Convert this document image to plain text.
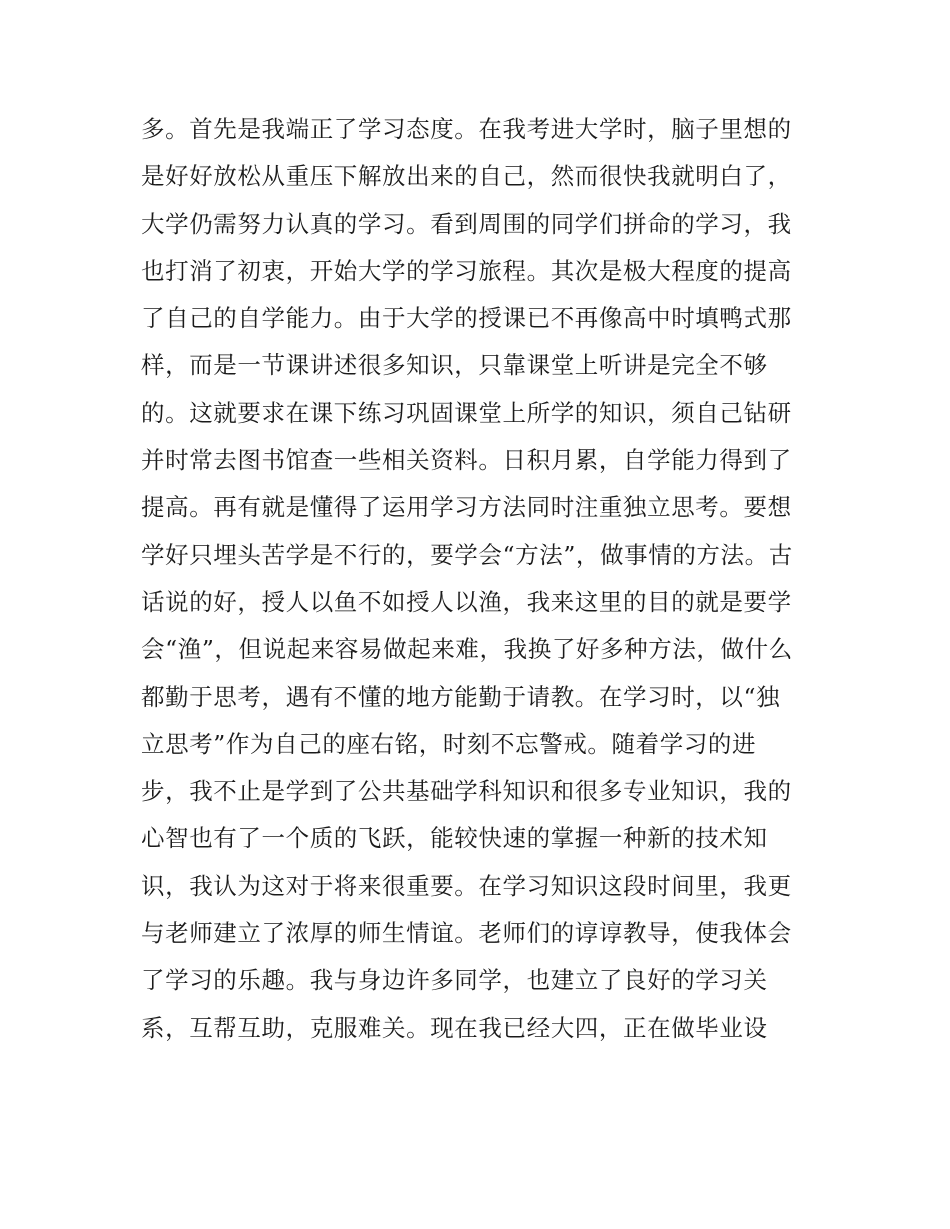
多。首先是我端正了学习态度。在我考进大学时，脑子里想的
是好好放松从重压下解放出来的自己，然而很快我就明白了，
大学仍需努力认真的学习。看到周围的同学们拼命的学习，我
也打消了初衷，开始大学的学习旅程。其次是极大程度的提高
了自己的自学能力。由于大学的授课已不再像高中时填鸭式那
样，而是一节课讲述很多知识，只靠课堂上听讲是完全不够
的。这就要求在课下练习巩固课堂上所学的知识，须自己钻研
并时常去图书馆查一些相关资料。日积月累，自学能力得到了
提高。再有就是懂得了运用学习方法同时注重独立思考。要想
学好只埋头苦学是不行的，要学会“方法”，做事情的方法。古
话说的好，授人以鱼不如授人以渔，我来这里的目的就是要学
会“渔”，但说起来容易做起来难，我换了好多种方法，做什么
都勤于思考，遇有不懂的地方能勤于请教。在学习时，以“独
立思考”作为自己的座右铭，时刻不忘警戒。随着学习的进
步，我不止是学到了公共基础学科知识和很多专业知识，我的
心智也有了一个质的飞跃，能较快速的掌握一种新的技术知
识，我认为这对于将来很重要。在学习知识这段时间里，我更
与老师建立了浓厚的师生情谊。老师们的谆谆教导，使我体会
了学习的乐趣。我与身边许多同学，也建立了良好的学习关
系，互帮互助，克服难关。现在我已经大四，正在做毕业设
